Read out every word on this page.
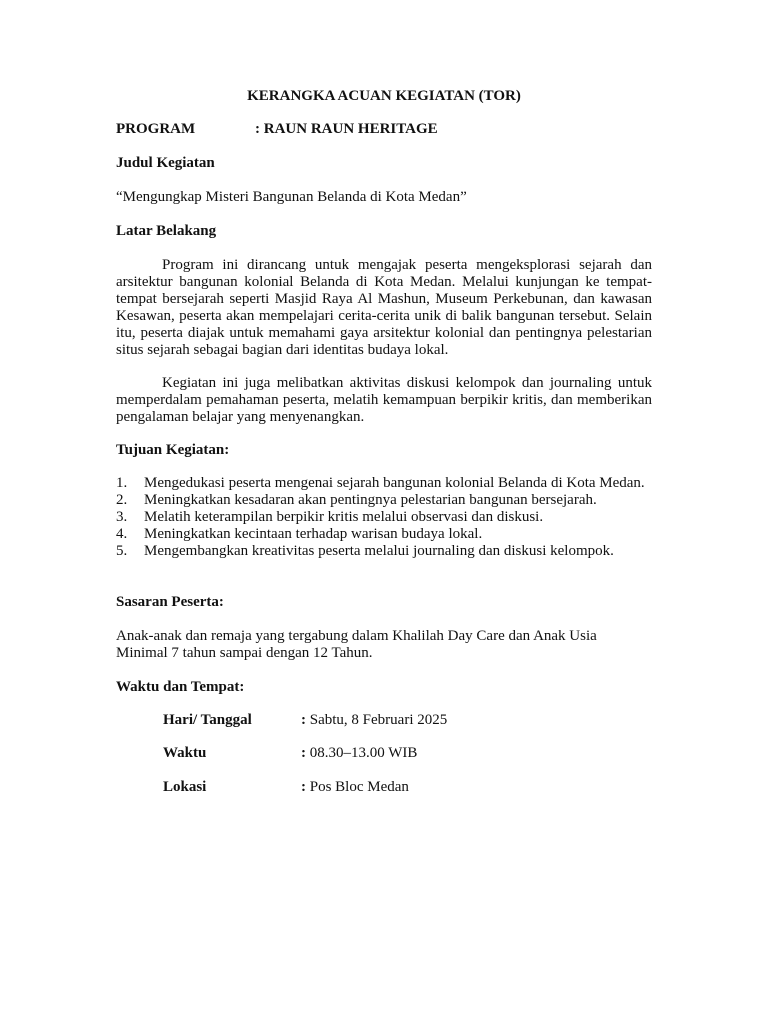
KERANGKA ACUAN KEGIATAN (TOR)
PROGRAM	: RAUN RAUN HERITAGE
Judul Kegiatan
“Mengungkap Misteri Bangunan Belanda di Kota Medan”
Latar Belakang
Program ini dirancang untuk mengajak peserta mengeksplorasi sejarah dan arsitektur bangunan kolonial Belanda di Kota Medan. Melalui kunjungan ke tempat-tempat bersejarah seperti Masjid Raya Al Mashun, Museum Perkebunan, dan kawasan Kesawan, peserta akan mempelajari cerita-cerita unik di balik bangunan tersebut. Selain itu, peserta diajak untuk memahami gaya arsitektur kolonial dan pentingnya pelestarian situs sejarah sebagai bagian dari identitas budaya lokal.
Kegiatan ini juga melibatkan aktivitas diskusi kelompok dan journaling untuk memperdalam pemahaman peserta, melatih kemampuan berpikir kritis, dan memberikan pengalaman belajar yang menyenangkan.
Tujuan Kegiatan:
1. Mengedukasi peserta mengenai sejarah bangunan kolonial Belanda di Kota Medan.
2. Meningkatkan kesadaran akan pentingnya pelestarian bangunan bersejarah.
3. Melatih keterampilan berpikir kritis melalui observasi dan diskusi.
4. Meningkatkan kecintaan terhadap warisan budaya lokal.
5. Mengembangkan kreativitas peserta melalui journaling dan diskusi kelompok.
Sasaran Peserta:
Anak-anak dan remaja yang tergabung dalam Khalilah Day Care dan Anak Usia Minimal 7 tahun sampai dengan 12 Tahun.
Waktu dan Tempat:
Hari/ Tanggal	: Sabtu, 8 Februari 2025
Waktu	: 08.30–13.00 WIB
Lokasi	: Pos Bloc Medan
